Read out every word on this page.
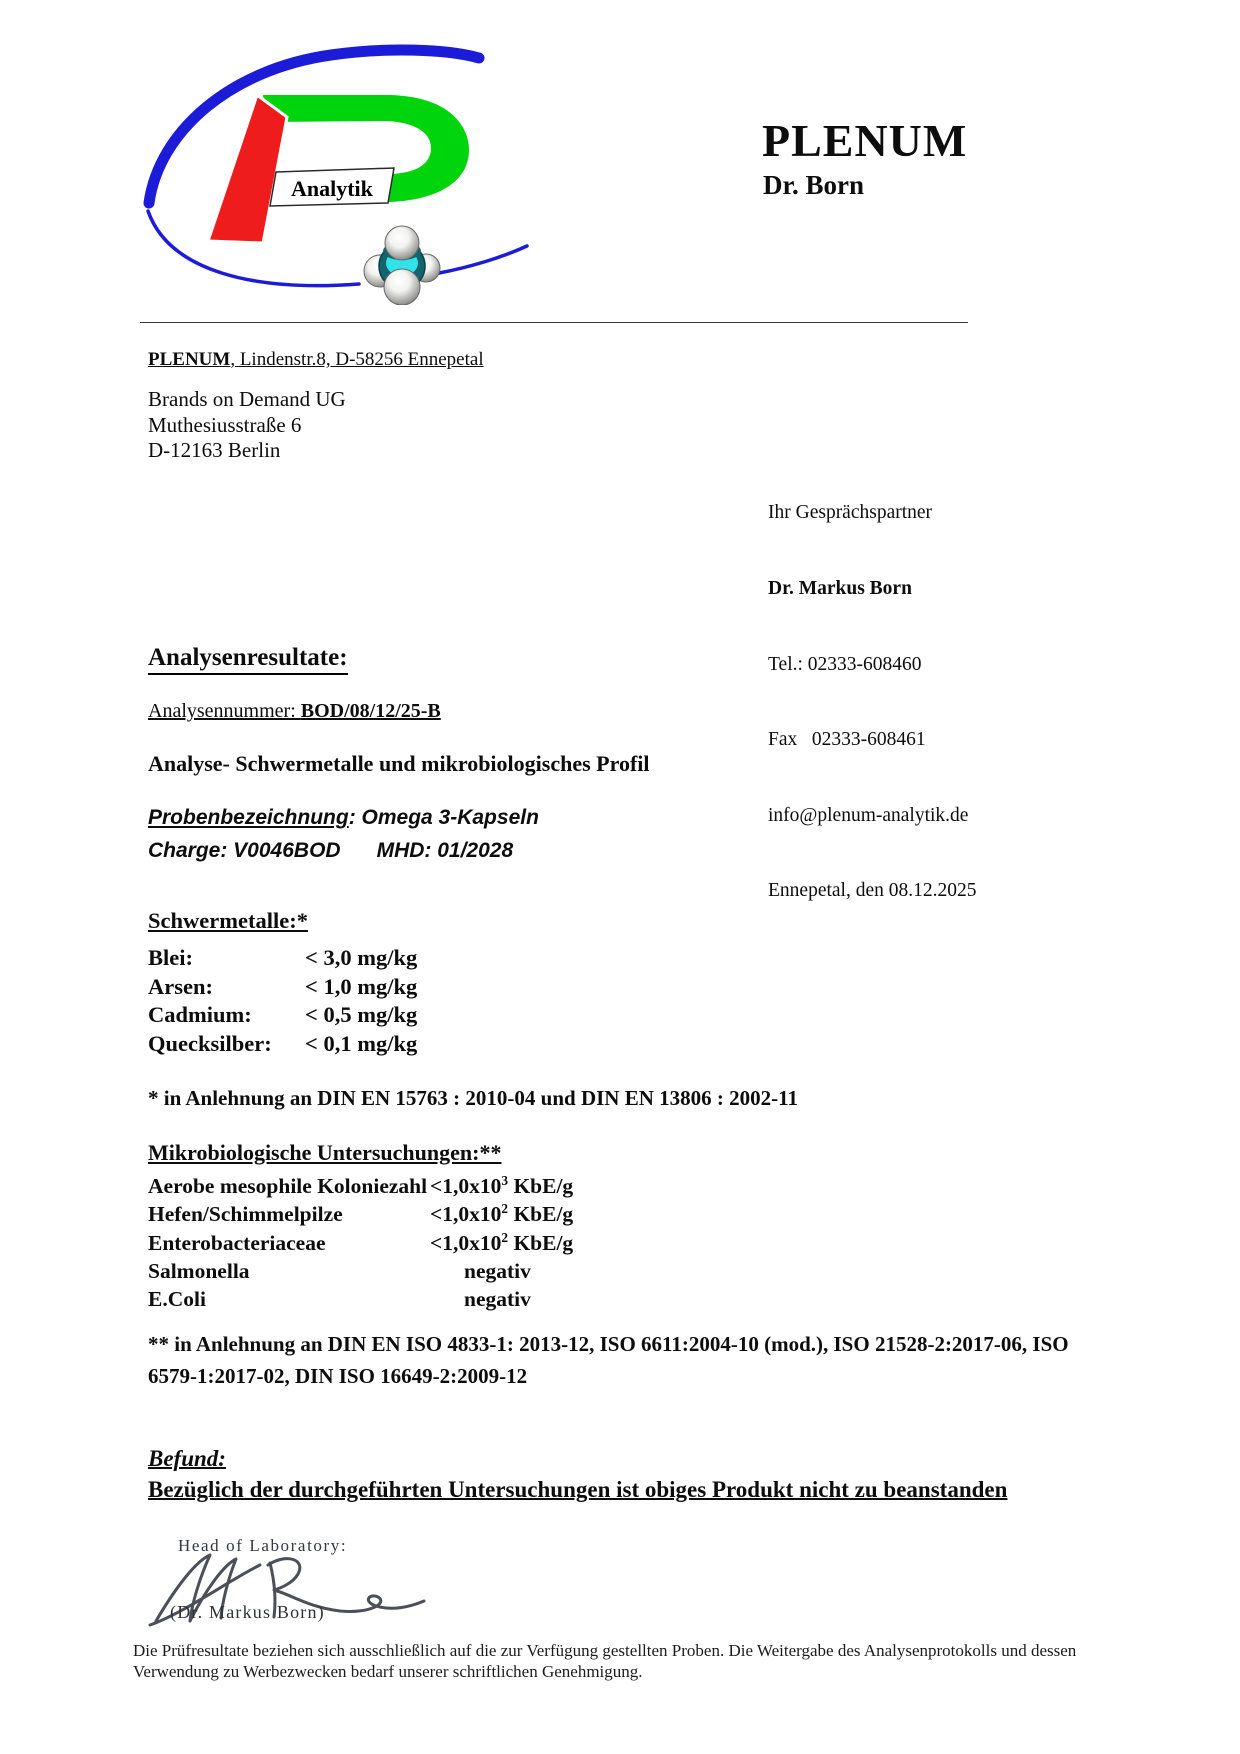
Analytik
PLENUM
Dr. Born
PLENUM, Lindenstr.8, D-58256 Ennepetal
Brands on Demand UG
Muthesiusstraße 6
D-12163 Berlin

Ihr Gesprächspartner

Dr. Markus Born

Tel.: 02333-608460

Fax   02333-608461

info@plenum-analytik.de

Ennepetal, den 08.12.2025

Analysenresultate:
Analysennummer: BOD/08/12/25-B
Analyse- Schwermetalle und mikrobiologisches Profil
Probenbezeichnung: Omega 3-Kapseln
Charge: V0046BOD MHD: 01/2028
Schwermetalle:*
Blei:	< 3,0 mg/kg
Arsen:	< 1,0 mg/kg
Cadmium:	< 0,5 mg/kg
Quecksilber:	< 0,1 mg/kg
* in Anlehnung an DIN EN 15763 : 2010-04 und DIN EN 13806 : 2002-11
Mikrobiologische Untersuchungen:**
Aerobe mesophile Koloniezahl $<1,0x10^3$ KbE/g
Hefen/Schimmelpilze	$<1,0x10^2$ KbE/g
Enterobacteriaceae	$<1,0x10^2$ KbE/g
Salmonella	negativ
E.Coli	negativ
** in Anlehnung an DIN EN ISO 4833-1: 2013-12, ISO 6611:2004-10 (mod.), ISO 21528-2:2017-06, ISO 6579-1:2017-02, DIN ISO 16649-2:2009-12
Befund:
Bezüglich der durchgeführten Untersuchungen ist obiges Produkt nicht zu beanstanden
Head of Laboratory:
(Dr. Markus Born)
Die Prüfresultate beziehen sich ausschließlich auf die zur Verfügung gestellten Proben. Die Weitergabe des Analysenprotokolls und dessen Verwendung zu Werbezwecken bedarf unserer schriftlichen Genehmigung.
